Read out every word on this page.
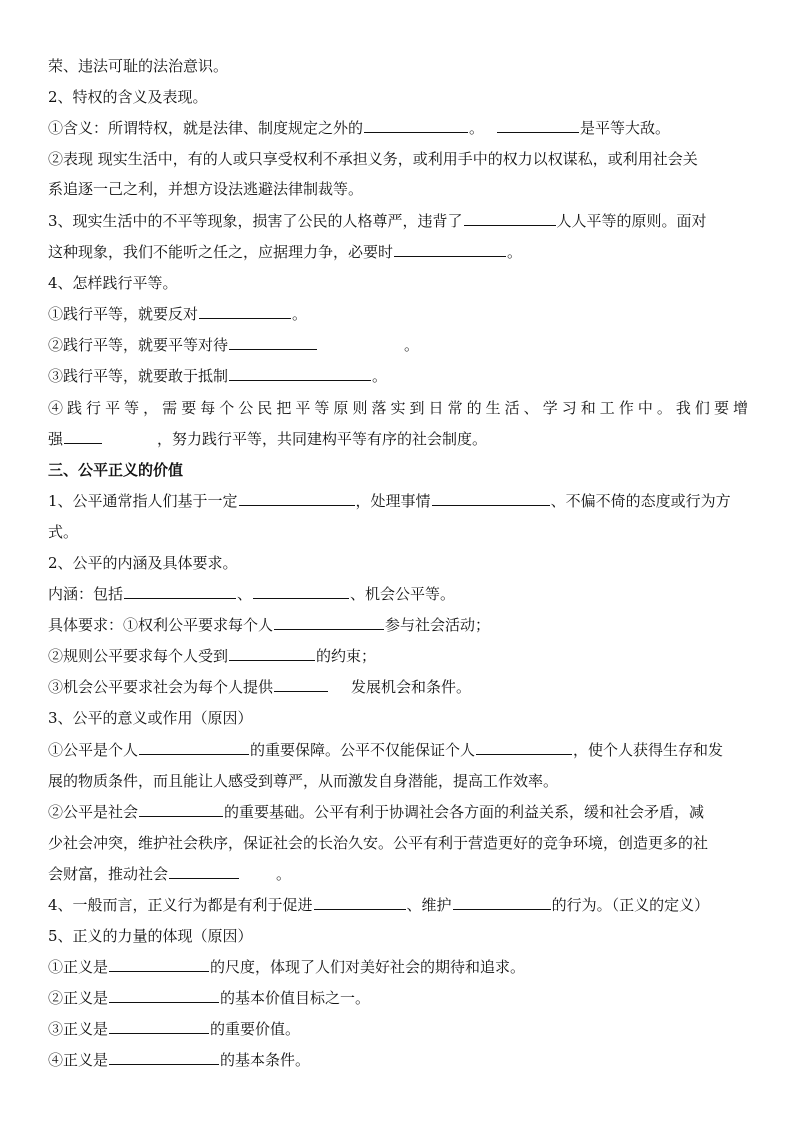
荣、违法可耻的法治意识。
2、特权的含义及表现。
①含义：所谓特权，就是法律、制度规定之外的	。	是平等大敌。
②表现 现实生活中，有的人或只享受权利不承担义务，或利用手中的权力以权谋私，或利用社会关
系追逐一己之利，并想方设法逃避法律制裁等。
3、现实生活中的不平等现象，损害了公民的人格尊严，违背了	人人平等的原则。面对
这种现象，我们不能听之任之，应据理力争，必要时	。
4、怎样践行平等。
①践行平等，就要反对	。
②践行平等，就要平等对待	。
③践行平等，就要敢于抵制	。
④践行平等，需要每个公民把平等原则落实到日常的生活、学习和工作中。我们要增
强	，努力践行平等，共同建构平等有序的社会制度。
三、公平正义的价值
1、公平通常指人们基于一定	，处理事情	、不偏不倚的态度或行为方
式。
2、公平的内涵及具体要求。
内涵：包括	、	、机会公平等。
具体要求：①权利公平要求每个人	参与社会活动；
②规则公平要求每个人受到	的约束；
③机会公平要求社会为每个人提供	发展机会和条件。
3、公平的意义或作用（原因）
①公平是个人	的重要保障。公平不仅能保证个人	，使个人获得生存和发
展的物质条件，而且能让人感受到尊严，从而激发自身潜能，提高工作效率。
②公平是社会	的重要基础。公平有利于协调社会各方面的利益关系，缓和社会矛盾，减
少社会冲突，维护社会秩序，保证社会的长治久安。公平有利于营造更好的竞争环境，创造更多的社
会财富，推动社会	。
4、一般而言，正义行为都是有利于促进	、维护	的行为。（正义的定义）
5、正义的力量的体现（原因）
①正义是	的尺度，体现了人们对美好社会的期待和追求。
②正义是	的基本价值目标之一。
③正义是	的重要价值。
④正义是	的基本条件。
